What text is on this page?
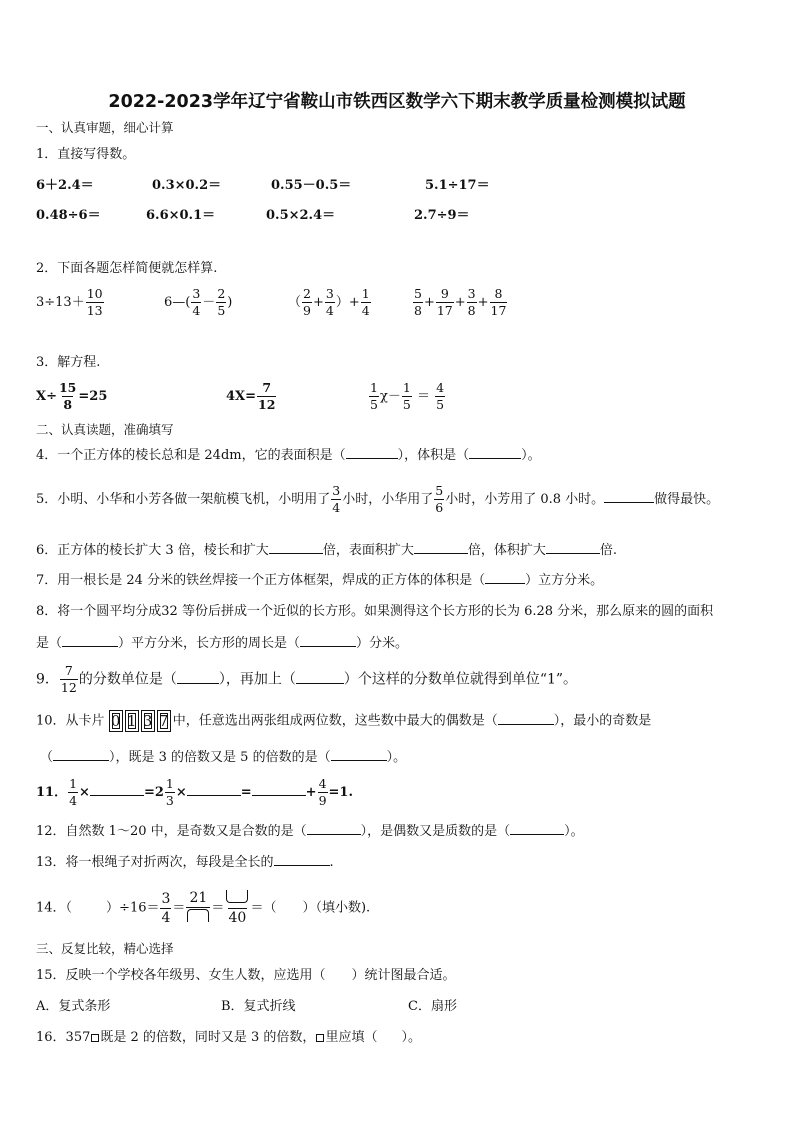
2022-2023学年辽宁省鞍山市铁西区数学六下期末教学质量检测模拟试题
一、认真审题，细心计算
1．直接写得数。
6＋2.4＝	0.3×0.2＝	0.55－0.5＝	5.1÷17＝
0.48÷6＝	6.6×0.1＝	0.5×2.4＝	2.7÷9＝
2．下面各题怎样简便就怎样算.
$3\div 13+ \frac{10}{13}$	6—( $\frac{3}{4} - \frac{2}{5}$ )	（ $\frac{2}{9} + \frac{3}{4}$ ）+ $\frac{1}{4}$	$\frac{5}{8} + \frac{9}{17} + \frac{3}{8} + \frac{8}{17}$
3．解方程.
$X\div \frac{15}{8} =25$	$4X= \frac{7}{12}$	$\frac{1}{5} \chi- \frac{1}{5} = \frac{4}{5}$
二、认真读题，准确填写
4．一个正方体的棱长总和是 24dm，它的表面积是（	），体积是（	）。
5．小明、小华和小芳各做一架航模飞机，小明用了 $\frac{3}{4}$ 小时，小华用了 $\frac{5}{6}$ 小时，小芳用了 0.8 小时。	做得最快。
6．正方体的棱长扩大 3 倍，棱长和扩大	倍，表面积扩大	倍，体积扩大	倍.
7．用一根长是 24 分米的铁丝焊接一个正方体框架，焊成的正方体的体积是（	）立方分米。
8．将一个圆平均分成32 等份后拼成一个近似的长方形。如果测得这个长方形的长为 6.28 分米，那么原来的圆的面积
是（	）平方分米，长方形的周长是（	）分米。
9． $\frac{7}{12}$ 的分数单位是（	），再加上（	）个这样的分数单位就得到单位“1”。
10．从卡片 0 1 3 7 中，任意选出两张组成两位数，这些数中最大的偶数是（	），最小的奇数是
（	），既是 3 的倍数又是 5 的倍数的是（	）。
11． $\frac{1}{4}$ ×	$=2 \frac{1}{3}$ ×	=	+ $\frac{4}{9} =1$.
12．自然数 1～20 中，是奇数又是合数的是（	），是偶数又是质数的是（	）。
13．将一根绳子对折两次，每段是全长的	.
14．（	）$\div 16= \frac{3}{4}$ ＝
21
＝
40
＝（ ）（填小数).
三、反复比较，精心选择
15．反映一个学校各年级男、女生人数，应选用（ ）统计图最合适。
A．复式条形	B．复式折线	C．扇形
16．357 既是 2 的倍数，同时又是 3 的倍数， 里应填（ ）。
